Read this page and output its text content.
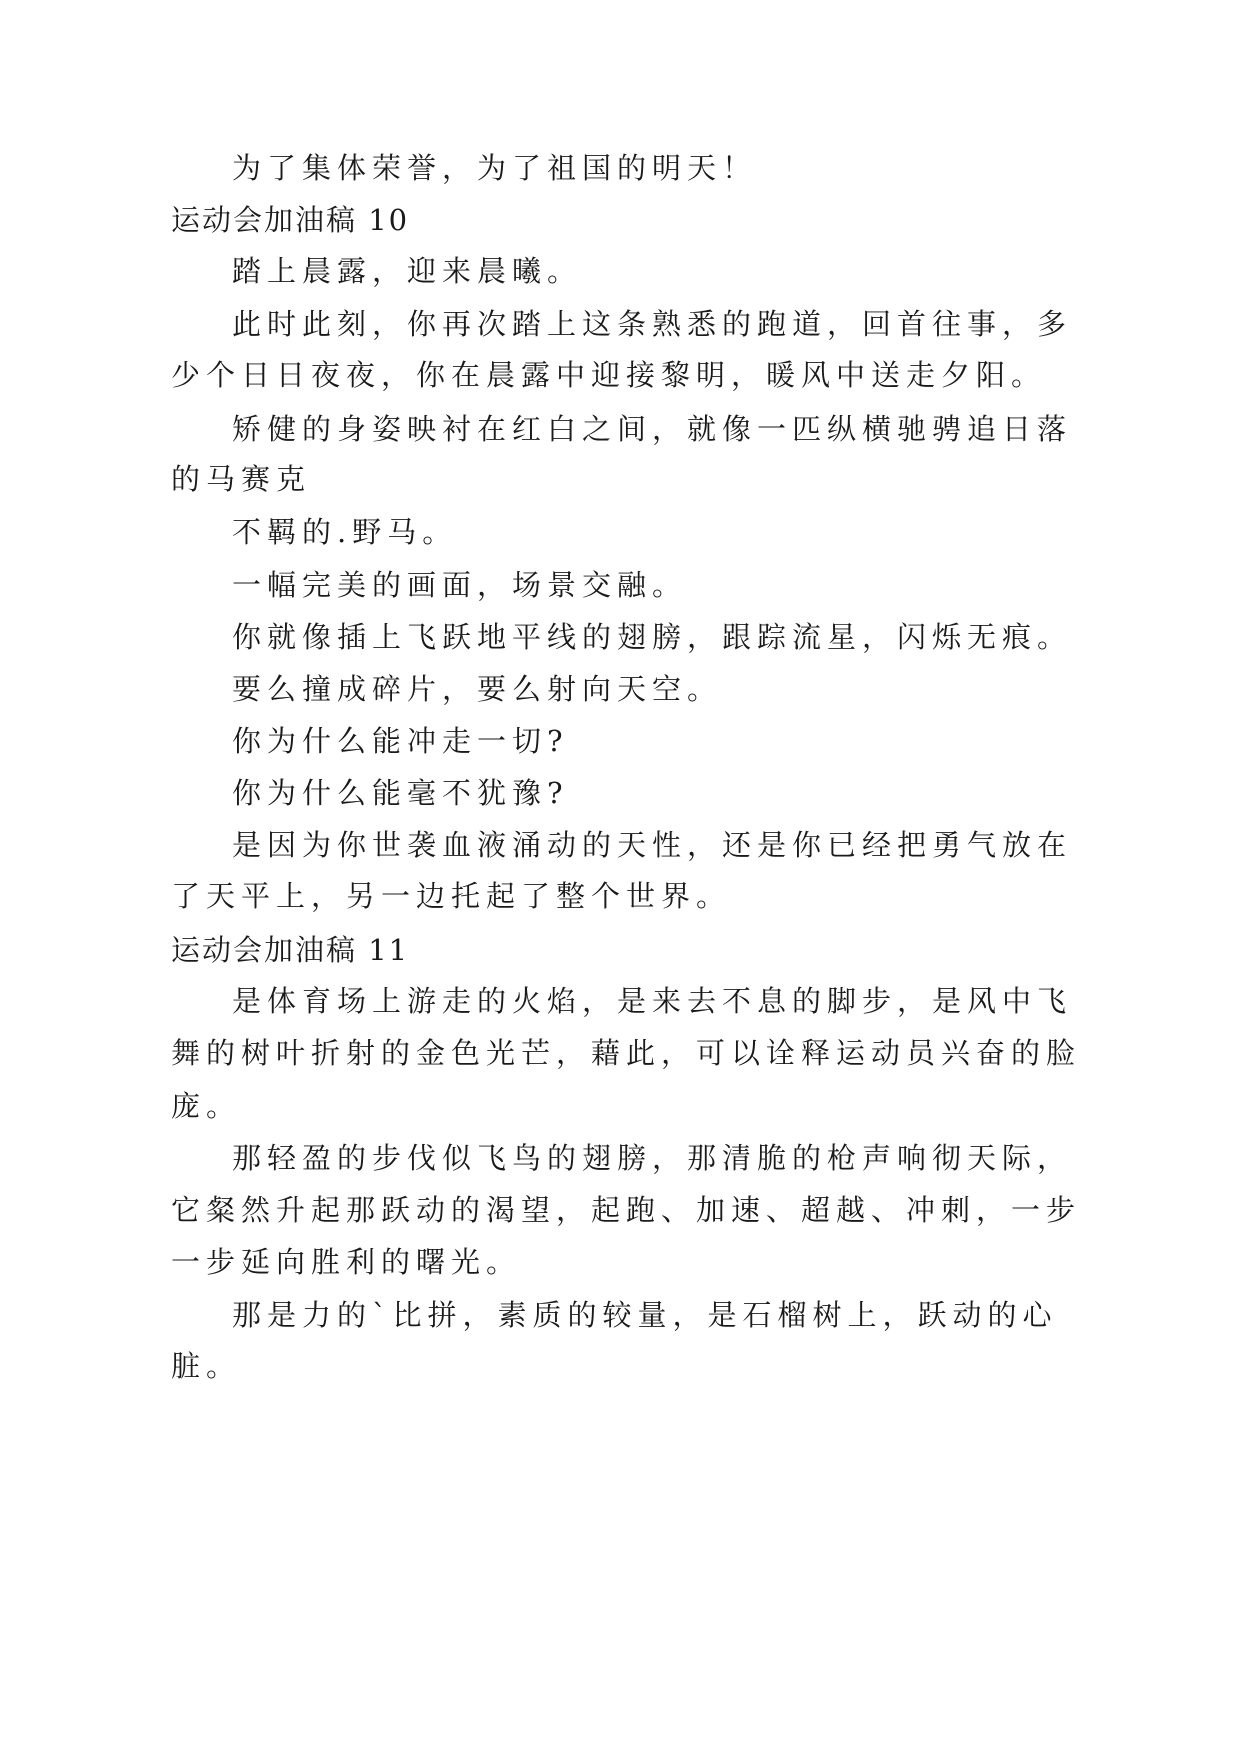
为了集体荣誉，为了祖国的明天！
运动会加油稿 10
踏上晨露，迎来晨曦。
此时此刻，你再次踏上这条熟悉的跑道，回首往事，多
少个日日夜夜，你在晨露中迎接黎明，暖风中送走夕阳。
矫健的身姿映衬在红白之间，就像一匹纵横驰骋追日落
的马赛克
不羁的.野马。
一幅完美的画面，场景交融。
你就像插上飞跃地平线的翅膀，跟踪流星，闪烁无痕。
要么撞成碎片，要么射向天空。
你为什么能冲走一切?
你为什么能毫不犹豫?
是因为你世袭血液涌动的天性，还是你已经把勇气放在
了天平上，另一边托起了整个世界。
运动会加油稿 11
是体育场上游走的火焰，是来去不息的脚步，是风中飞
舞的树叶折射的金色光芒，藉此，可以诠释运动员兴奋的脸
庞。
那轻盈的步伐似飞鸟的翅膀，那清脆的枪声响彻天际，
它粲然升起那跃动的渴望，起跑、加速、超越、冲刺，一步
一步延向胜利的曙光。
那是力的`比拼，素质的较量，是石榴树上，跃动的心
脏。
